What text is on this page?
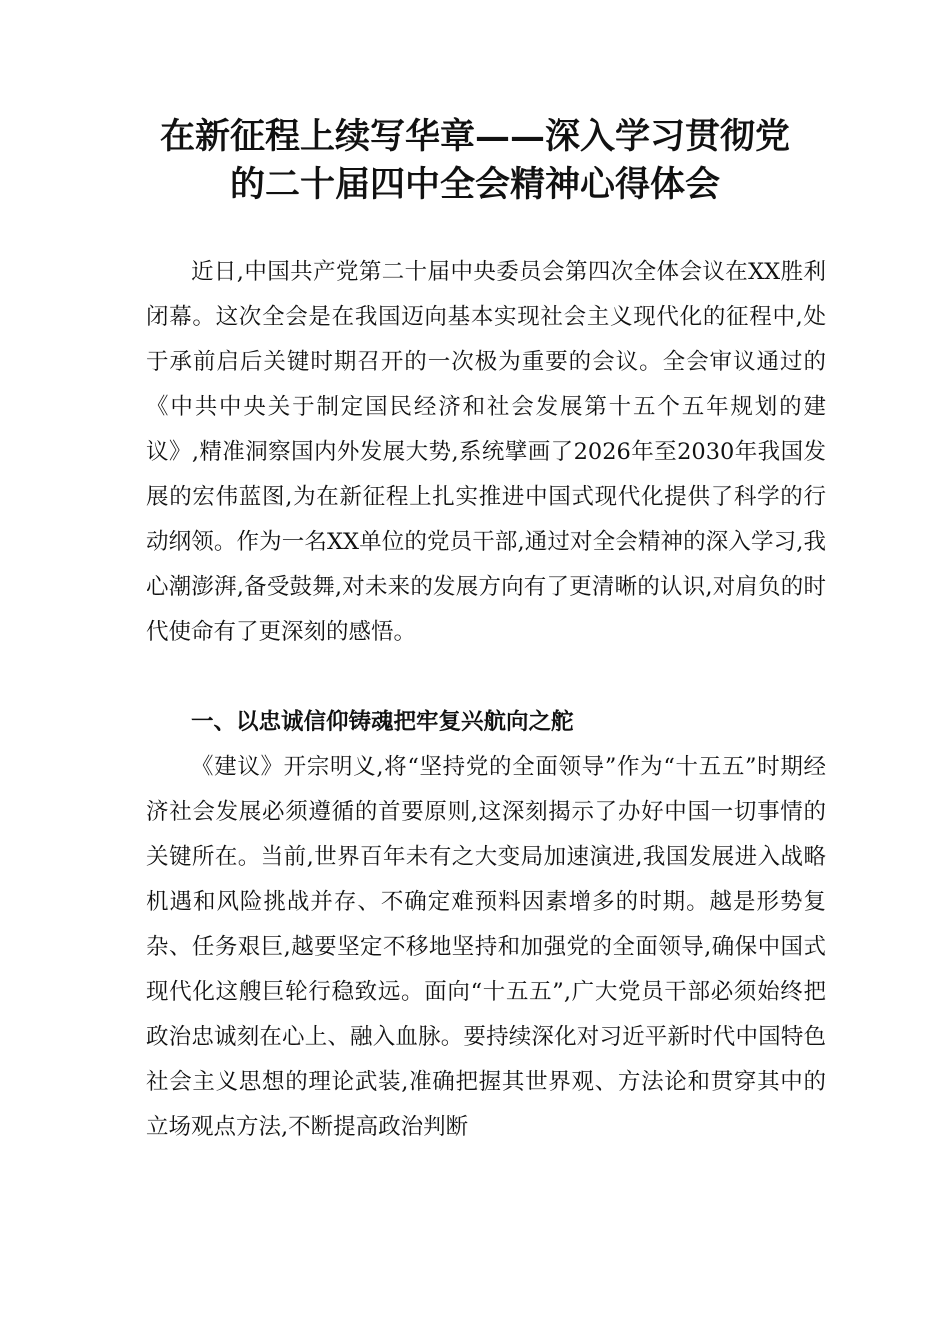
在新征程上续写华章——深入学习贯彻党
的二十届四中全会精神心得体会

近日,中国共产党第二十届中央委员会第四次全体会议在XX胜利闭幕。这次全会是在我国迈向基本实现社会主义现代化的征程中,处于承前启后关键时期召开的一次极为重要的会议。全会审议通过的《中共中央关于制定国民经济和社会发展第十五个五年规划的建议》,精准洞察国内外发展大势,系统擘画了2026年至2030年我国发展的宏伟蓝图,为在新征程上扎实推进中国式现代化提供了科学的行动纲领。作为一名XX单位的党员干部,通过对全会精神的深入学习,我心潮澎湃,备受鼓舞,对未来的发展方向有了更清晰的认识,对肩负的时代使命有了更深刻的感悟。

一、以忠诚信仰铸魂把牢复兴航向之舵

《建议》开宗明义,将“坚持党的全面领导”作为“十五五”时期经济社会发展必须遵循的首要原则,这深刻揭示了办好中国一切事情的关键所在。当前,世界百年未有之大变局加速演进,我国发展进入战略机遇和风险挑战并存、不确定难预料因素增多的时期。越是形势复杂、任务艰巨,越要坚定不移地坚持和加强党的全面领导,确保中国式现代化这艘巨轮行稳致远。面向“十五五”,广大党员干部必须始终把政治忠诚刻在心上、融入血脉。要持续深化对习近平新时代中国特色社会主义思想的理论武装,准确把握其世界观、方法论和贯穿其中的立场观点方法,不断提高政治判断
